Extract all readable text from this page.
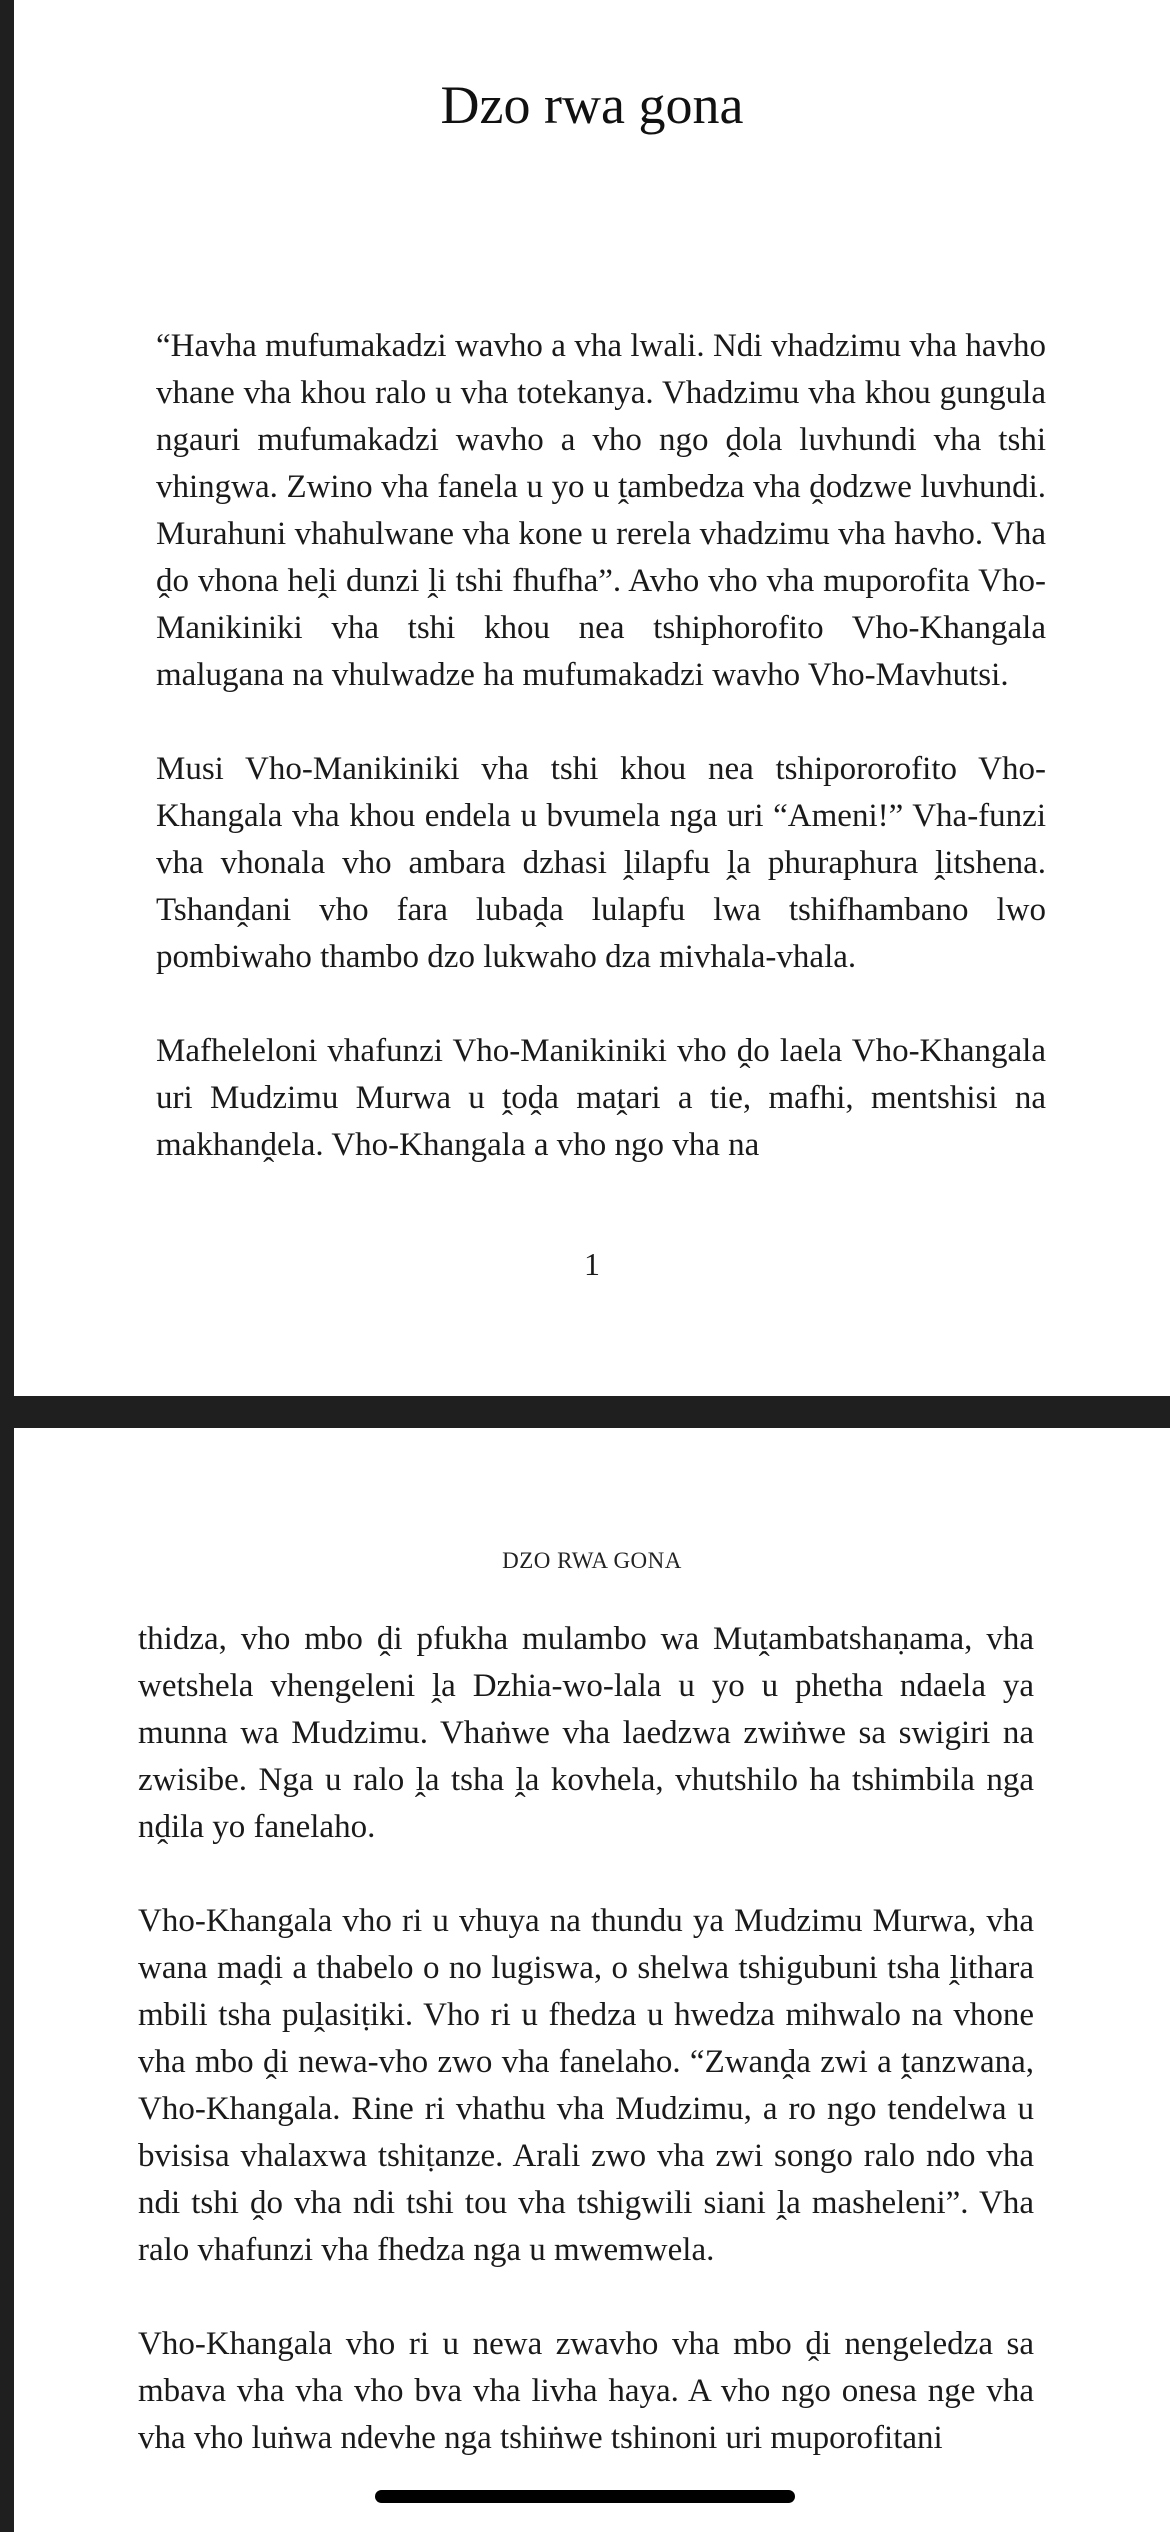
Dzo rwa gona

“Havha mufumakadzi wavho a vha lwali. Ndi vhadzimu vha havho vhane vha khou ralo u vha totekanya. Vhadzimu vha khou gungula ngauri mufumakadzi wavho a vho ngo ḓola luvhundi vha tshi vhingwa. Zwino vha fanela u yo u ṱambedza vha ḓodzwe luvhundi. Murahuni vhahulwane vha kone u rerela vhadzimu vha havho. Vha ḓo vhona heḽi dunzi ḽi tshi fhufha”. Avho vho vha muporofita Vho-Manikiniki vha tshi khou nea tshiphorofito Vho-Khangala malugana na vhulwadze ha mufumakadzi wavho Vho-Mavhutsi.

Musi Vho-Manikiniki vha tshi khou nea tshipororofito Vho-Khangala vha khou endela u bvumela nga uri “Ameni!” Vha-funzi vha vhonala vho ambara dzhasi ḽilapfu ḽa phuraphura ḽitshena. Tshanḓani vho fara lubaḓa lulapfu lwa tshifhambano lwo pombiwaho thambo dzo lukwaho dza mivhala-vhala.

Mafheleloni vhafunzi Vho-Manikiniki vho ḓo laela Vho-Khangala uri Mudzimu Murwa u ṱoḓa maṱari a tie, mafhi, mentshisi na makhanḓela. Vho-Khangala a vho ngo vha na

1
DZO RWA GONA

thidza, vho mbo ḓi pfukha mulambo wa Muṱambatshaṇama, vha wetshela vhengeleni ḽa Dzhia-wo-lala u yo u phetha ndaela ya munna wa Mudzimu. Vhaṅwe vha laedzwa zwiṅwe sa swigiri na zwisibe. Nga u ralo ḽa tsha ḽa kovhela, vhutshilo ha tshimbila nga nḓila yo fanelaho.

Vho-Khangala vho ri u vhuya na thundu ya Mudzimu Murwa, vha wana maḓi a thabelo o no lugiswa, o shelwa tshigubuni tsha ḽithara mbili tsha puḽasiṭiki. Vho ri u fhedza u hwedza mihwalo na vhone vha mbo ḓi newa-vho zwo vha fanelaho. “Zwanḓa zwi a ṱanzwana, Vho-Khangala. Rine ri vhathu vha Mudzimu, a ro ngo tendelwa u bvisisa vhalaxwa tshiṭanze. Arali zwo vha zwi songo ralo ndo vha ndi tshi ḓo vha ndi tshi tou vha tshigwili siani ḽa masheleni”. Vha ralo vhafunzi vha fhedza nga u mwemwela.

Vho-Khangala vho ri u newa zwavho vha mbo ḓi nengeledza sa mbava vha vha vho bva vha livha haya. A vho ngo onesa nge vha vha vho luṅwa ndevhe nga tshiṅwe tshinoni uri muporofitani
